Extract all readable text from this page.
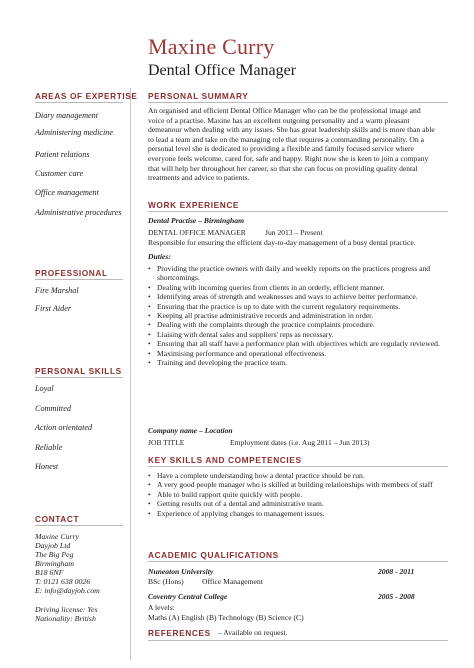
Maxine Curry
Dental Office Manager
AREAS OF EXPERTISE
Diary management
Administering medicine
Patient relations
Customer care
Office management
Administrative procedures
PROFESSIONAL
Fire Marshal
First Aider
PERSONAL SKILLS
Loyal
Committed
Action orientated
Reliable
Honest
CONTACT
Maxine Curry
Dayjob Ltd
The Big Peg
Birmingham
B18 6NF
T: 0121 638 0026
E: info@dayjob.com
Driving license: Yes
Nationality: British
PERSONAL SUMMARY
An organised and efficient Dental Office Manager who can be the professional image and voice of a practise. Maxine has an excellent outgoing personality and a warm pleasant demeanour when dealing with any issues. She has great leadership skills and is more than able to lead a team and take on the managing role that requires a commanding personality. On a personal level she is dedicated to providing a flexible and family focused service where everyone feels welcome, cared for, safe and happy. Right now she is keen to join a company that will help her throughout her career, so that she can focus on providing quality dental treatments and advice to patients.
WORK EXPERIENCE
Dental Practise – Birmingham
DENTAL OFFICE MANAGER	Jun 2013 – Present
Responsible for ensuring the efficient day-to-day management of a busy dental practice.
Duties:
• Providing the practice owners with daily and weekly reports on the practices progress and shortcomings.
• Dealing with incoming queries from clients in an orderly, efficient manner.
• Identifying areas of strength and weaknesses and ways to achieve better performance.
• Ensuring that the practice is up to date with the current regulatory requirements.
• Keeping all practise administrative records and administration in order.
• Dealing with the complaints through the practice complaints procedure.
• Liaising with dental sales and suppliers' reps as necessary.
• Ensuring that all staff have a performance plan with objectives which are regularly reviewed.
• Maximising performance and operational effectiveness.
• Training and developing the practice team.
Company name – Location
JOB TITLE	Employment dates (i.e. Aug 2011 – Jun 2013)
KEY SKILLS AND COMPETENCIES
• Have a complete understanding how a dental practice should be run.
• A very good people manager who is skilled at building relationships with members of staff
• Able to build rapport quite quickly with people.
• Getting results out of a dental and administrative team.
• Experience of applying changes to management issues.
ACADEMIC QUALIFICATIONS
Nuneaton University	2008 - 2011
BSc (Hons) Office Management
Coventry Central College	2005 - 2008
A levels:
Maths (A) English (B) Technology (B) Science (C)
REFERENCES – Available on request.
